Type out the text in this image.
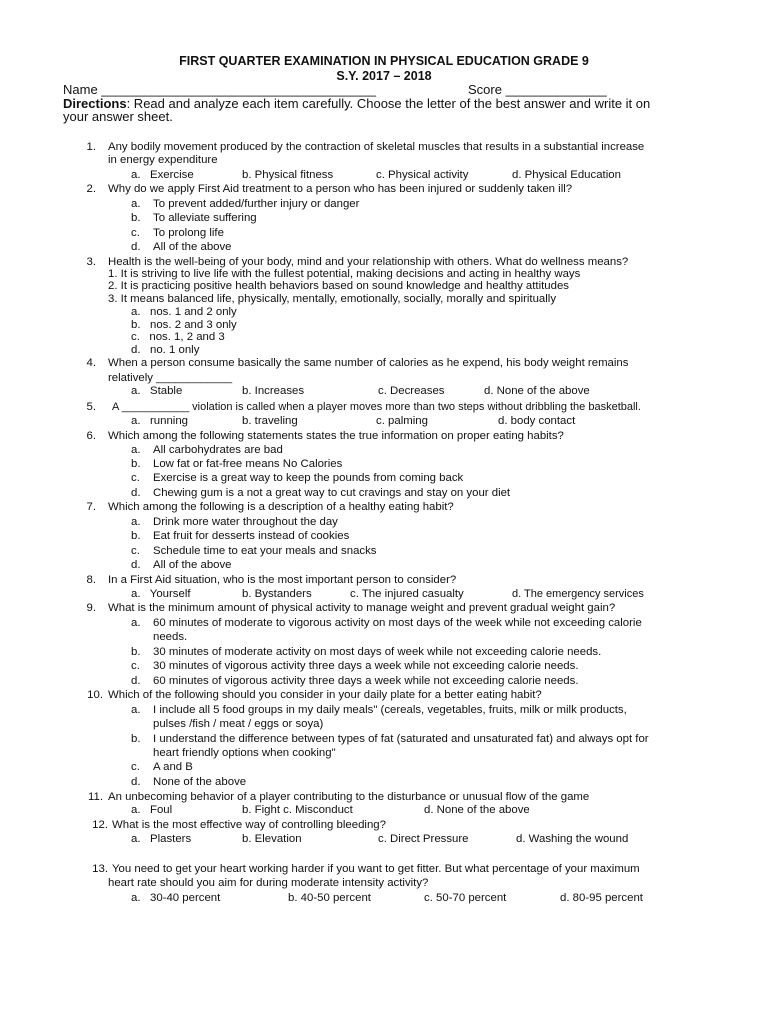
FIRST QUARTER EXAMINATION IN PHYSICAL EDUCATION GRADE 9
S.Y. 2017 – 2018
Name ______________________________________	Score ______________
Directions: Read and analyze each item carefully. Choose the letter of the best answer and write it on
your answer sheet.
1. Any bodily movement produced by the contraction of skeletal muscles that results in a substantial increase
in energy expenditure
a.   Exercise	b. Physical fitness	c. Physical activity	d. Physical Education
2. Why do we apply First Aid treatment to a person who has been injured or suddenly taken ill?
a. To prevent added/further injury or danger
b. To alleviate suffering
c. To prolong life
d. All of the above
3. Health is the well-being of your body, mind and your relationship with others. What do wellness means?
1. It is striving to live life with the fullest potential, making decisions and acting in healthy ways
2. It is practicing positive health behaviors based on sound knowledge and healthy attitudes
3. It means balanced life, physically, mentally, emotionally, socially, morally and spiritually
a.   nos. 1 and 2 only
b.   nos. 2 and 3 only
c.   nos. 1, 2 and 3
d.   no. 1 only
4. When a person consume basically the same number of calories as he expend, his body weight remains
relatively ____________
a.   Stable	b. Increases	c. Decreases	d. None of the above
5. A ___________ violation is called when a player moves more than two steps without dribbling the basketball.
a.   running	b. traveling	c. palming	d. body contact
6. Which among the following statements states the true information on proper eating habits?
a. All carbohydrates are bad
b. Low fat or fat-free means No Calories
c. Exercise is a great way to keep the pounds from coming back
d. Chewing gum is a not a great way to cut cravings and stay on your diet
7. Which among the following is a description of a healthy eating habit?
a. Drink more water throughout the day
b. Eat fruit for desserts instead of cookies
c. Schedule time to eat your meals and snacks
d. All of the above
8. In a First Aid situation, who is the most important person to consider?
a.   Yourself	b. Bystanders	c. The injured casualty	d. The emergency services
9. What is the minimum amount of physical activity to manage weight and prevent gradual weight gain?
a. 60 minutes of moderate to vigorous activity on most days of the week while not exceeding calorie
needs.
b. 30 minutes of moderate activity on most days of week while not exceeding calorie needs.
c. 30 minutes of vigorous activity three days a week while not exceeding calorie needs.
d. 60 minutes of vigorous activity three days a week while not exceeding calorie needs.
10. Which of the following should you consider in your daily plate for a better eating habit?
a. I include all 5 food groups in my daily meals" (cereals, vegetables, fruits, milk or milk products,
pulses /fish / meat / eggs or soya)
b. I understand the difference between types of fat (saturated and unsaturated fat) and always opt for
heart friendly options when cooking"
c. A and B
d. None of the above
11. An unbecoming behavior of a player contributing to the disturbance or unusual flow of the game
a.   Foul	b. Fight c. Misconduct	d. None of the above
12. What is the most effective way of controlling bleeding?
a.   Plasters	b. Elevation	c. Direct Pressure	d. Washing the wound
13. You need to get your heart working harder if you want to get fitter. But what percentage of your maximum
heart rate should you aim for during moderate intensity activity?
a.   30-40 percent	b. 40-50 percent	c. 50-70 percent	d. 80-95 percent
